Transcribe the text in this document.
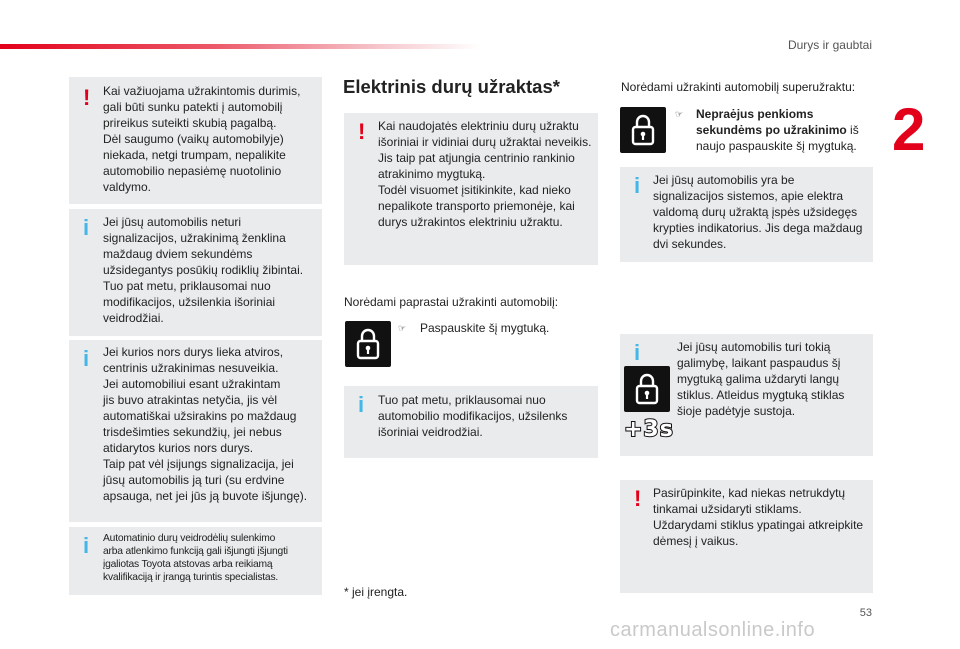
Durys ir gaubtai
2
53
! Kai važiuojama užrakintomis durimis,
gali būti sunku patekti į automobilį
prireikus suteikti skubią pagalbą.
Dėl saugumo (vaikų automobilyje)
niekada, netgi trumpam, nepalikite
automobilio nepasiėmę nuotolinio
valdymo.
i Jei jūsų automobilis neturi
signalizacijos, užrakinimą ženklina
maždaug dviem sekundėms
užsidegantys posūkių rodiklių žibintai.
Tuo pat metu, priklausomai nuo
modifikacijos, užsilenkia išoriniai
veidrodžiai.
i Jei kurios nors durys lieka atviros,
centrinis užrakinimas nesuveikia.
Jei automobiliui esant užrakintam
jis buvo atrakintas netyčia, jis vėl
automatiškai užsirakins po maždaug
trisdešimties sekundžių, jei nebus
atidarytos kurios nors durys.
Taip pat vėl įsijungs signalizacija, jei
jūsų automobilis ją turi (su erdvine
apsauga, net jei jūs ją buvote išjungę).
i Automatinio durų veidrodėlių sulenkimo
arba atlenkimo funkciją gali išjungti įšjungti
įgaliotas Toyota atstovas arba reikiamą
kvalifikaciją ir įrangą turintis specialistas.
Elektrinis durų užraktas*
! Kai naudojatės elektriniu durų užraktu
išoriniai ir vidiniai durų užraktai neveikis.
Jis taip pat atjungia centrinio rankinio
atrakinimo mygtuką.
Todėl visuomet įsitikinkite, kad nieko
nepalikote transporto priemonėje, kai
durys užrakintos elektriniu užraktu.
Norėdami paprastai užrakinti automobilį:
☞ Paspauskite šį mygtuką.
i Tuo pat metu, priklausomai nuo
automobilio modifikacijos, užsilenks
išoriniai veidrodžiai.
* jei įrengta.
Norėdami užrakinti automobilį superužraktu:
☞ Nepraėjus penkioms
sekundėms po užrakinimo iš
naujo paspauskite šį mygtuką.
i Jei jūsų automobilis yra be
signalizacijos sistemos, apie elektra
valdomą durų užraktą įspės užsidegęs
krypties indikatorius. Jis dega maždaug
dvi sekundes.
i	Jei jūsų automobilis turi tokią
galimybę, laikant paspaudus šį
mygtuką galima uždaryti langų
stiklus. Atleidus mygtuką stiklas
šioje padėtyje sustoja.
+3s
! Pasirūpinkite, kad niekas netrukdytų
tinkamai užsidaryti stiklams.
Uždarydami stiklus ypatingai atkreipkite
dėmesį į vaikus.
carmanualsonline.info
